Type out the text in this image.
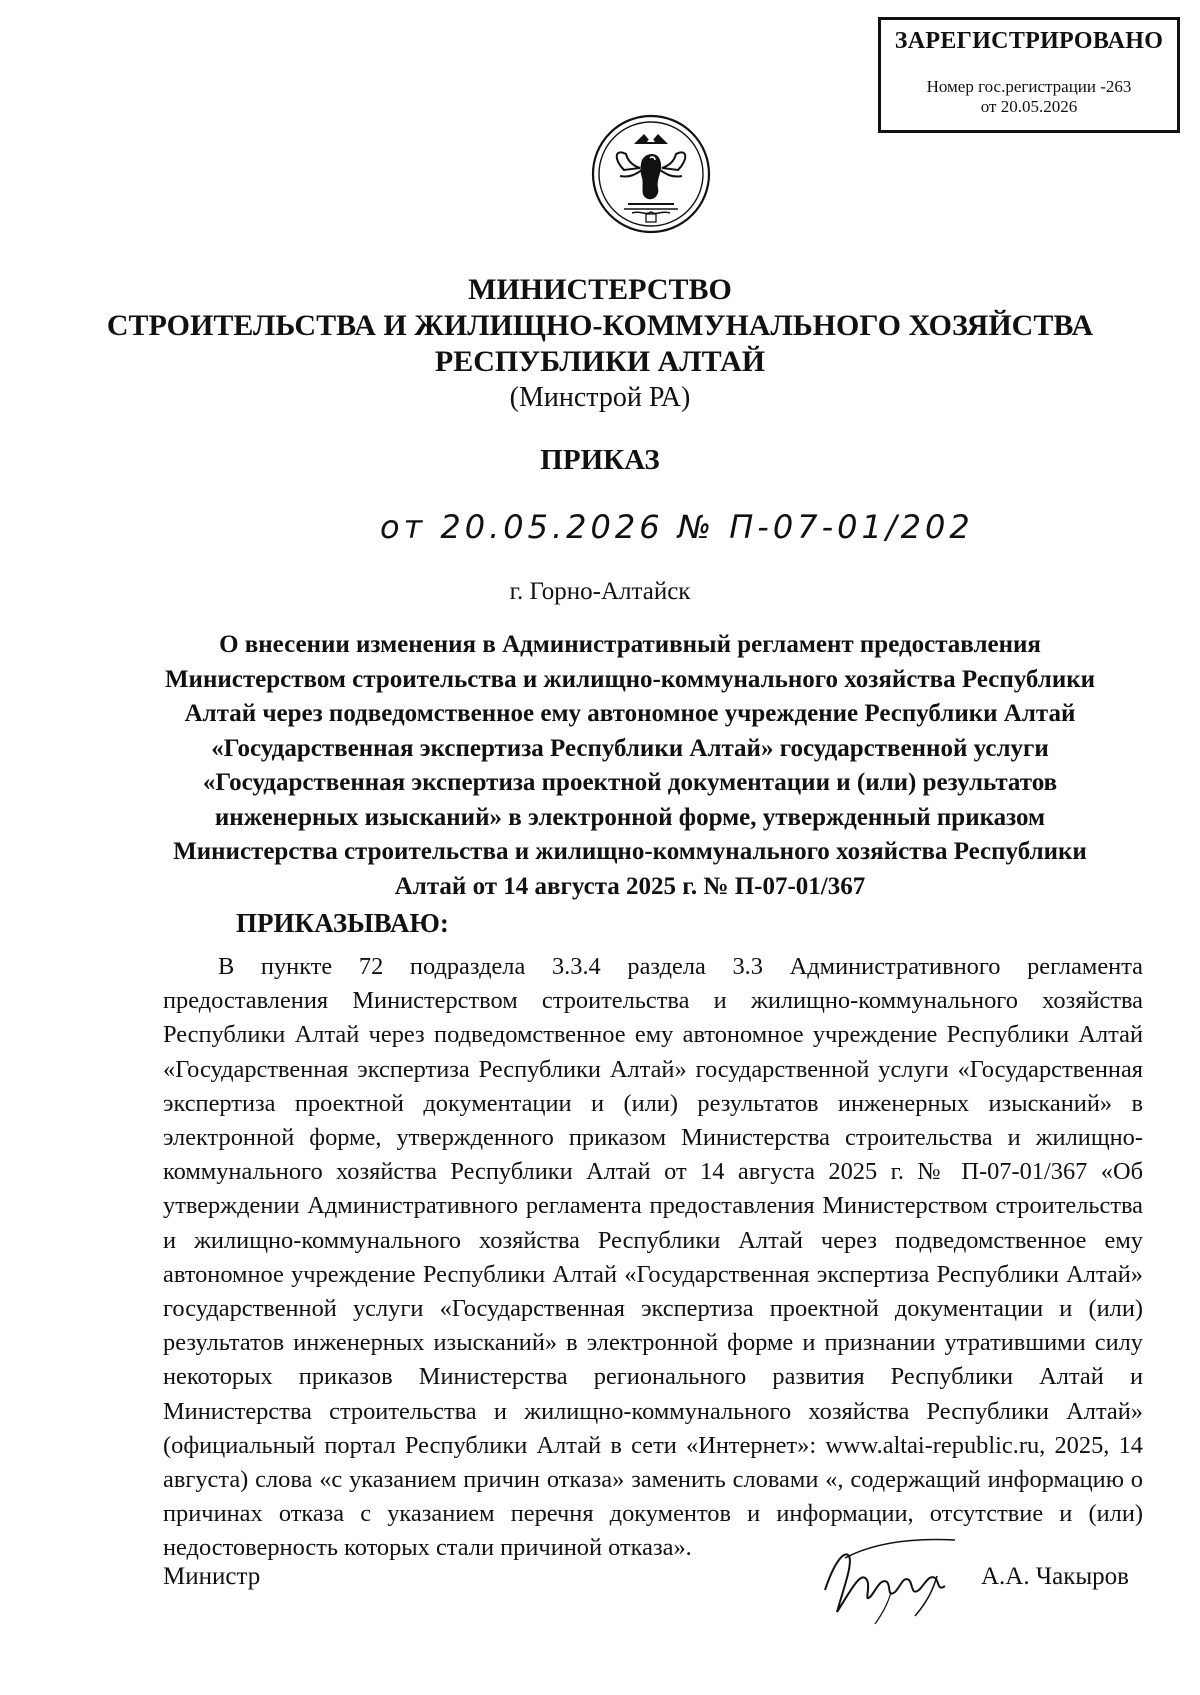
ЗАРЕГИСТРИРОВАНО
Номер гос.регистрации -263
от 20.05.2026
МИНИСТЕРСТВО
СТРОИТЕЛЬСТВА И ЖИЛИЩНО-КОММУНАЛЬНОГО ХОЗЯЙСТВА
РЕСПУБЛИКИ АЛТАЙ
(Минстрой РА)
ПРИКАЗ
от 20.05.2026 № П-07-01/202
г. Горно-Алтайск
О внесении изменения в Административный регламент предоставления Министерством строительства и жилищно-коммунального хозяйства Республики Алтай через подведомственное ему автономное учреждение Республики Алтай «Государственная экспертиза Республики Алтай» государственной услуги «Государственная экспертиза проектной документации и (или) результатов инженерных изысканий» в электронной форме, утвержденный приказом Министерства строительства и жилищно-коммунального хозяйства Республики Алтай от 14 августа 2025 г. № П-07-01/367
ПРИКАЗЫВАЮ:
В пункте 72 подраздела 3.3.4 раздела 3.3 Административного регламента предоставления Министерством строительства и жилищно-коммунального хозяйства Республики Алтай через подведомственное ему автономное учреждение Республики Алтай «Государственная экспертиза Республики Алтай» государственной услуги «Государственная экспертиза проектной документации и (или) результатов инженерных изысканий» в электронной форме, утвержденного приказом Министерства строительства и жилищно-коммунального хозяйства Республики Алтай от 14 августа 2025 г. № П-07-01/367 «Об утверждении Административного регламента предоставления Министерством строительства и жилищно-коммунального хозяйства Республики Алтай через подведомственное ему автономное учреждение Республики Алтай «Государственная экспертиза Республики Алтай» государственной услуги «Государственная экспертиза проектной документации и (или) результатов инженерных изысканий» в электронной форме и признании утратившими силу некоторых приказов Министерства регионального развития Республики Алтай и Министерства строительства и жилищно-коммунального хозяйства Республики Алтай» (официальный портал Республики Алтай в сети «Интернет»: www.altai-republic.ru, 2025, 14 августа) слова «с указанием причин отказа» заменить словами «, содержащий информацию о причинах отказа с указанием перечня документов и информации, отсутствие и (или) недостоверность которых стали причиной отказа».
Министр	А.А. Чакыров
